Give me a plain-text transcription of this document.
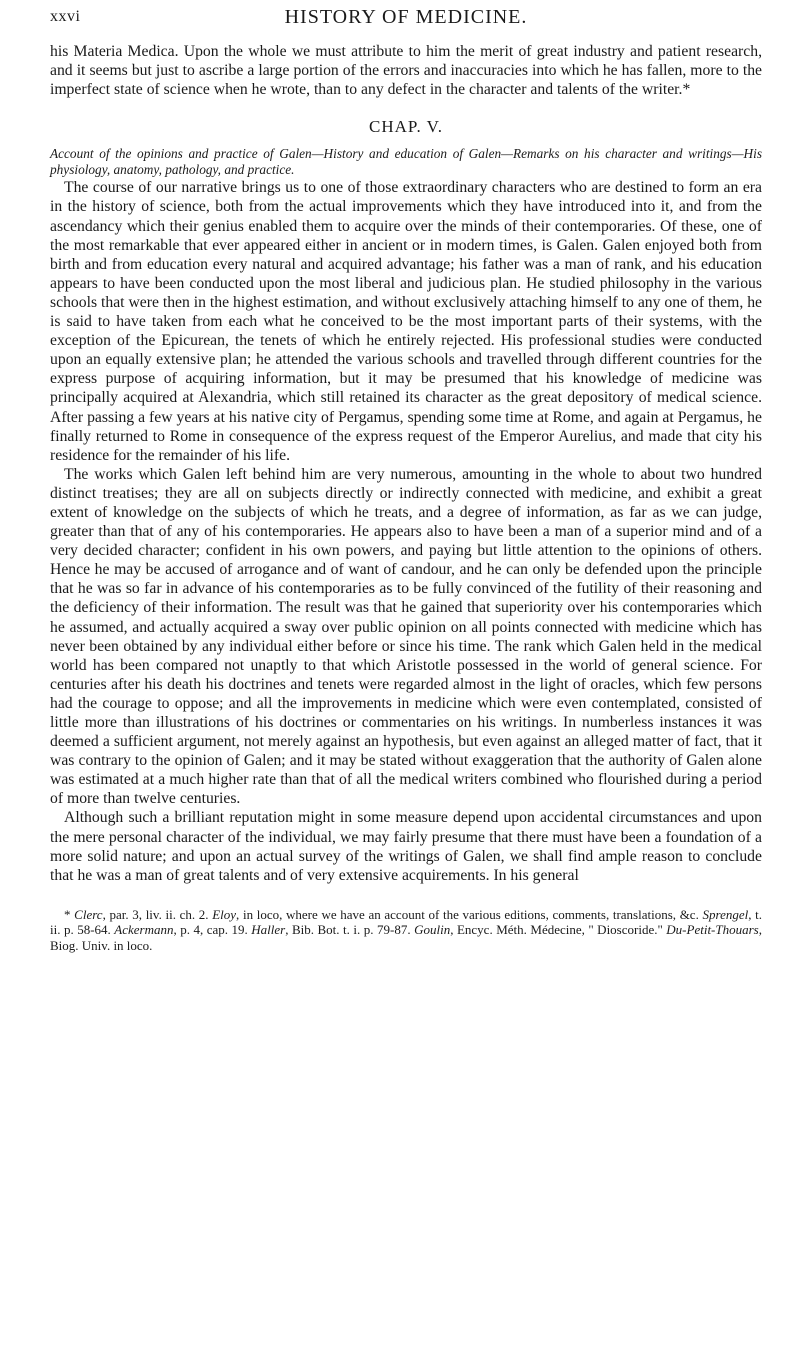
xxvi	HISTORY OF MEDICINE.

his Materia Medica. Upon the whole we must attribute to him the merit of great industry and patient research, and it seems but just to ascribe a large portion of the errors and inaccuracies into which he has fallen, more to the imperfect state of science when he wrote, than to any defect in the character and talents of the writer.*

CHAP. V.

Account of the opinions and practice of Galen—History and education of Galen—Remarks on his character and writings—His physiology, anatomy, pathology, and practice.

The course of our narrative brings us to one of those extraordinary characters who are destined to form an era in the history of science, both from the actual improvements which they have introduced into it, and from the ascendancy which their genius enabled them to acquire over the minds of their contemporaries. Of these, one of the most remarkable that ever appeared either in ancient or in modern times, is Galen. Galen enjoyed both from birth and from education every natural and acquired advantage; his father was a man of rank, and his education appears to have been conducted upon the most liberal and judicious plan. He studied philosophy in the various schools that were then in the highest estimation, and without exclusively attaching himself to any one of them, he is said to have taken from each what he conceived to be the most important parts of their systems, with the exception of the Epicurean, the tenets of which he entirely rejected. His professional studies were conducted upon an equally extensive plan; he attended the various schools and travelled through different countries for the express purpose of acquiring information, but it may be presumed that his knowledge of medicine was principally acquired at Alexandria, which still retained its character as the great depository of medical science. After passing a few years at his native city of Pergamus, spending some time at Rome, and again at Pergamus, he finally returned to Rome in consequence of the express request of the Emperor Aurelius, and made that city his residence for the remainder of his life.

The works which Galen left behind him are very numerous, amounting in the whole to about two hundred distinct treatises; they are all on subjects directly or indirectly connected with medicine, and exhibit a great extent of knowledge on the subjects of which he treats, and a degree of information, as far as we can judge, greater than that of any of his contemporaries. He appears also to have been a man of a superior mind and of a very decided character; confident in his own powers, and paying but little attention to the opinions of others. Hence he may be accused of arrogance and of want of candour, and he can only be defended upon the principle that he was so far in advance of his contemporaries as to be fully convinced of the futility of their reasoning and the deficiency of their information. The result was that he gained that superiority over his contemporaries which he assumed, and actually acquired a sway over public opinion on all points connected with medicine which has never been obtained by any individual either before or since his time. The rank which Galen held in the medical world has been compared not unaptly to that which Aristotle possessed in the world of general science. For centuries after his death his doctrines and tenets were regarded almost in the light of oracles, which few persons had the courage to oppose; and all the improvements in medicine which were even contemplated, consisted of little more than illustrations of his doctrines or commentaries on his writings. In numberless instances it was deemed a sufficient argument, not merely against an hypothesis, but even against an alleged matter of fact, that it was contrary to the opinion of Galen; and it may be stated without exaggeration that the authority of Galen alone was estimated at a much higher rate than that of all the medical writers combined who flourished during a period of more than twelve centuries.

Although such a brilliant reputation might in some measure depend upon accidental circumstances and upon the mere personal character of the individual, we may fairly presume that there must have been a foundation of a more solid nature; and upon an actual survey of the writings of Galen, we shall find ample reason to conclude that he was a man of great talents and of very extensive acquirements. In his general

* Clerc, par. 3, liv. ii. ch. 2. Eloy, in loco, where we have an account of the various editions, comments, translations, &c. Sprengel, t. ii. p. 58-64. Ackermann, p. 4, cap. 19. Haller, Bib. Bot. t. i. p. 79-87. Goulin, Encyc. Méth. Médecine, " Dioscoride." Du-Petit-Thouars, Biog. Univ. in loco.
